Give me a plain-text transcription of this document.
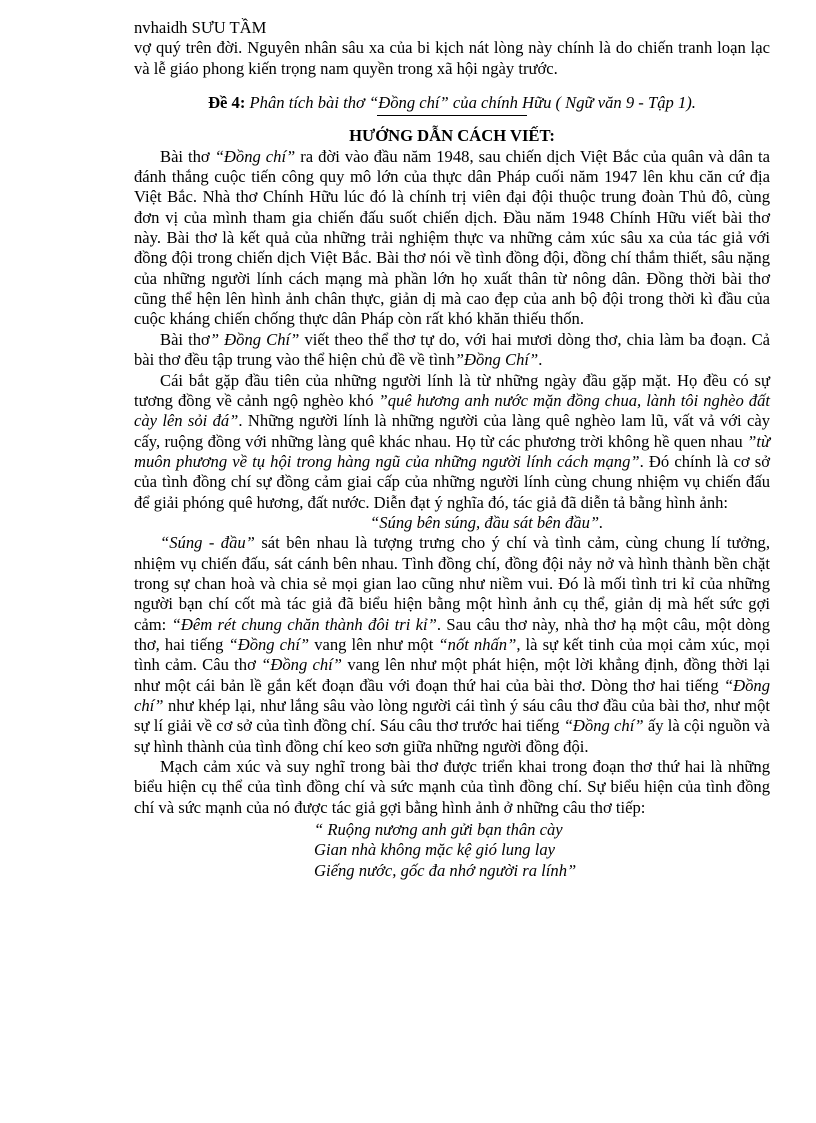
nvhaidh SƯU TẦM

vợ quý trên đời. Nguyên nhân sâu xa của bi kịch nát lòng này chính là do chiến tranh loạn lạc và lễ giáo phong kiến trọng nam quyền trong xã hội ngày trước.

Đề 4: Phân tích bài thơ “Đồng chí” của chính Hữu ( Ngữ văn 9 - Tập 1).

HƯỚNG DẪN CÁCH VIẾT:

Bài thơ “Đồng chí” ra đời vào đầu năm 1948, sau chiến dịch Việt Bắc của quân và dân ta đánh thắng cuộc tiến công quy mô lớn của thực dân Pháp cuối năm 1947 lên khu căn cứ địa Việt Bắc. Nhà thơ Chính Hữu lúc đó là chính trị viên đại đội thuộc trung đoàn Thủ đô, cùng đơn vị của mình tham gia chiến đấu suốt chiến dịch. Đầu năm 1948 Chính Hữu viết bài thơ này. Bài thơ là kết quả của những trải nghiệm thực va những cảm xúc sâu xa của tác giả với đồng đội trong chiến dịch Việt Bắc. Bài thơ nói về tình đồng đội, đồng chí thắm thiết, sâu nặng của những người lính cách mạng mà phần lớn họ xuất thân từ nông dân. Đồng thời bài thơ cũng thể hện lên hình ảnh chân thực, giản dị mà cao đẹp của anh bộ đội trong thời kì đầu của cuộc kháng chiến chống thực dân Pháp còn rất khó khăn thiếu thốn.

Bài thơ” Đồng Chí” viết theo thể thơ tự do, với hai mươi dòng thơ, chia làm ba đoạn. Cả bài thơ đều tập trung vào thể hiện chủ đề về tình”Đồng Chí”.

Cái bắt gặp đầu tiên của những người lính là từ những ngày đầu gặp mặt. Họ đều có sự tương đồng về cảnh ngộ nghèo khó ”quê hương anh nước mặn đồng chua, lành tôi nghèo đất cày lên sỏi đá”. Những người lính là những người của làng quê nghèo lam lũ, vất vả với cày cấy, ruộng đồng với những làng quê khác nhau. Họ từ các phương trời không hề quen nhau ”từ muôn phương về tụ hội trong hàng ngũ của những người lính cách mạng”. Đó chính là cơ sở của tình đồng chí sự đồng cảm giai cấp của những người lính cùng chung nhiệm vụ chiến đấu để giải phóng quê hương, đất nước. Diễn đạt ý nghĩa đó, tác giả đã diễn tả bằng hình ảnh:

“Súng bên súng, đầu sát bên đầu”.

“Súng - đầu” sát bên nhau là tượng trưng cho ý chí và tình cảm, cùng chung lí tưởng, nhiệm vụ chiến đấu, sát cánh bên nhau. Tình đồng chí, đồng đội nảy nở và hình thành bền chặt trong sự chan hoà và chia sẻ mọi gian lao cũng như niềm vui. Đó là mối tình tri kỉ của những người bạn chí cốt mà tác giả đã biểu hiện bằng một hình ảnh cụ thể, giản dị mà hết sức gợi cảm: “Đêm rét chung chăn thành đôi tri kỉ”. Sau câu thơ này, nhà thơ hạ một câu, một dòng thơ, hai tiếng “Đồng chí” vang lên như một “nốt nhấn”, là sự kết tinh của mọi cảm xúc, mọi tình cảm. Câu thơ “Đồng chí” vang lên như một phát hiện, một lời khẳng định, đồng thời lại như một cái bản lề gắn kết đoạn đầu với đoạn thứ hai của bài thơ. Dòng thơ hai tiếng “Đồng chí” như khép lại, như lắng sâu vào lòng người cái tình ý sáu câu thơ đầu của bài thơ, như một sự lí giải về cơ sở của tình đồng chí. Sáu câu thơ trước hai tiếng “Đồng chí” ấy là cội nguồn và sự hình thành của tình đồng chí keo sơn giữa những người đồng đội.

Mạch cảm xúc và suy nghĩ trong bài thơ được triển khai trong đoạn thơ thứ hai là những biểu hiện cụ thể của tình đồng chí và sức mạnh của tình đồng chí. Sự biểu hiện của tình đồng chí và sức mạnh của nó được tác giả gợi bằng hình ảnh ở những câu thơ tiếp:

“ Ruộng nương anh gửi bạn thân cày
Gian nhà không mặc kệ gió lung lay
Giếng nước, gốc đa nhớ người ra lính”
